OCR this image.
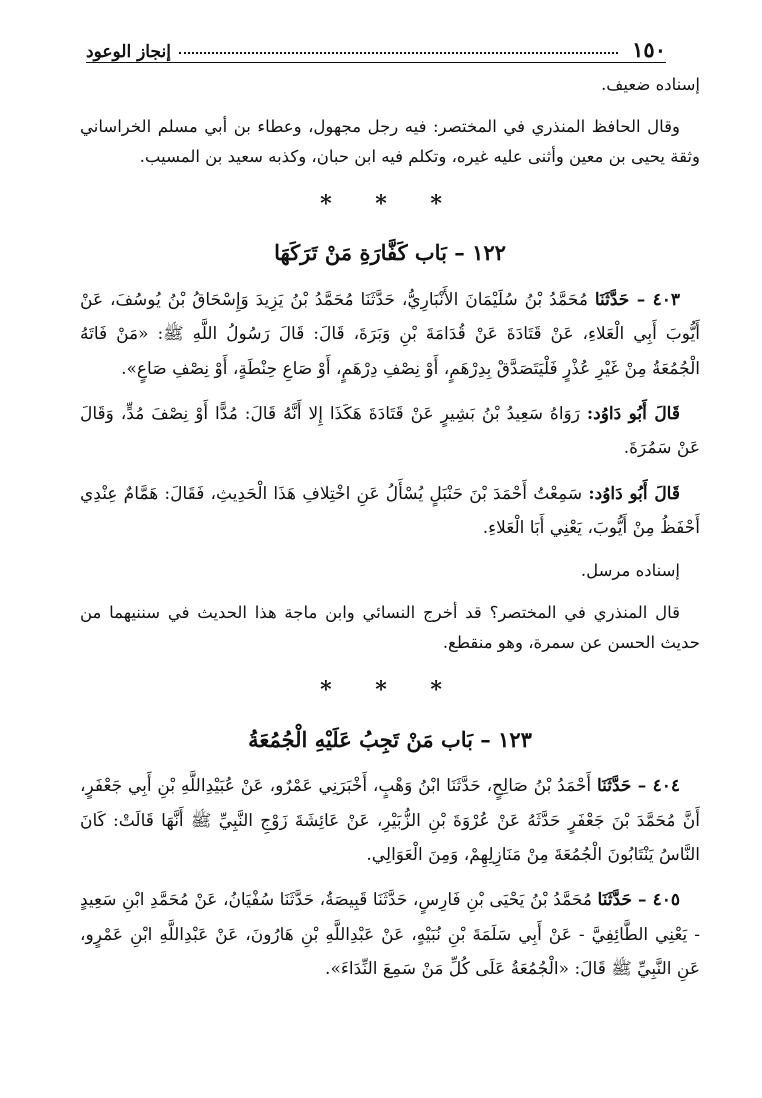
١٥٠
إنجاز الوعود

إسناده ضعيف.

وقال الحافظ المنذري في المختصر: فيه رجل مجهول، وعطاء بن أبي مسلم الخراساني وثقة يحيى بن معين وأثنى عليه غيره، وتكلم فيه ابن حبان، وكذبه سعيد بن المسيب.

* * *
١٢٢ – بَاب كَفَّارَةِ مَنْ تَرَكَهَا

٤٠٣ – حَدَّثَنَا مُحَمَّدُ بْنُ سُلَيْمَانَ الأَنْبَارِيُّ، حَدَّثَنَا مُحَمَّدُ بْنُ يَزِيدَ وَإِسْحَاقُ بْنُ يُوسُفَ، عَنْ أَيُّوبَ أَبِي الْعَلاءِ، عَنْ قَتَادَةَ عَنْ قُدَامَةَ بْنِ وَبَرَةَ، قَالَ: قَالَ رَسُولُ اللَّهِ ﷺ: «مَنْ فَاتَهُ الْجُمُعَةُ مِنْ غَيْرِ عُذْرٍ فَلْيَتَصَدَّقْ بِدِرْهَمٍ، أَوْ نِصْفِ دِرْهَمٍ، أَوْ صَاعِ حِنْطَةٍ، أَوْ نِصْفِ صَاعٍ».

قَالَ أَبُو دَاوُد: رَوَاهُ سَعِيدُ بْنُ بَشِيرٍ عَنْ قَتَادَةَ هَكَذَا إِلا أَنَّهُ قَالَ: مُدًّا أَوْ نِصْفَ مُدٍّ، وَقَالَ عَنْ سَمُرَةَ.

قَالَ أَبُو دَاوُد: سَمِعْتُ أَحْمَدَ بْنَ حَنْبَلٍ يُسْأَلُ عَنِ اخْتِلافِ هَذَا الْحَدِيثِ، فَقَالَ: هَمَّامٌ عِنْدِي أَحْفَظُ مِنْ أَيُّوبَ، يَعْنِي أَبَا الْعَلاءِ.

إسناده مرسل.

قال المنذري في المختصر؟ قد أخرج النسائي وابن ماجة هذا الحديث في سننيهما من حديث الحسن عن سمرة، وهو منقطع.

* * *
١٢٣ – بَاب مَنْ تَجِبُ عَلَيْهِ الْجُمُعَةُ

٤٠٤ – حَدَّثَنَا أَحْمَدُ بْنُ صَالِحٍ، حَدَّثَنَا ابْنُ وَهْبٍ، أَخْبَرَنِي عَمْرٌو، عَنْ عُبَيْدِاللَّهِ بْنِ أَبِي جَعْفَرٍ، أَنَّ مُحَمَّدَ بْنَ جَعْفَرٍ حَدَّثَهُ عَنْ عُرْوَةَ بْنِ الزُّبَيْرِ، عَنْ عَائِشَةَ زَوْجِ النَّبِيِّ ﷺ أَنَّهَا قَالَتْ: كَانَ النَّاسُ يَنْتَابُونَ الْجُمُعَةَ مِنْ مَنَازِلِهِمْ، وَمِنَ الْعَوَالِي.

٤٠٥ – حَدَّثَنَا مُحَمَّدُ بْنُ يَحْيَى بْنِ فَارِسٍ، حَدَّثَنَا قَبِيصَةُ، حَدَّثَنَا سُفْيَانُ، عَنْ مُحَمَّدِ ابْنِ سَعِيدٍ - يَعْنِي الطَّائِفِيَّ - عَنْ أَبِي سَلَمَةَ بْنِ نُبَيْهٍ، عَنْ عَبْدِاللَّهِ بْنِ هَارُونَ، عَنْ عَبْدِاللَّهِ ابْنِ عَمْرٍو، عَنِ النَّبِيِّ ﷺ قَالَ: «الْجُمُعَةُ عَلَى كُلِّ مَنْ سَمِعَ النِّدَاءَ».
